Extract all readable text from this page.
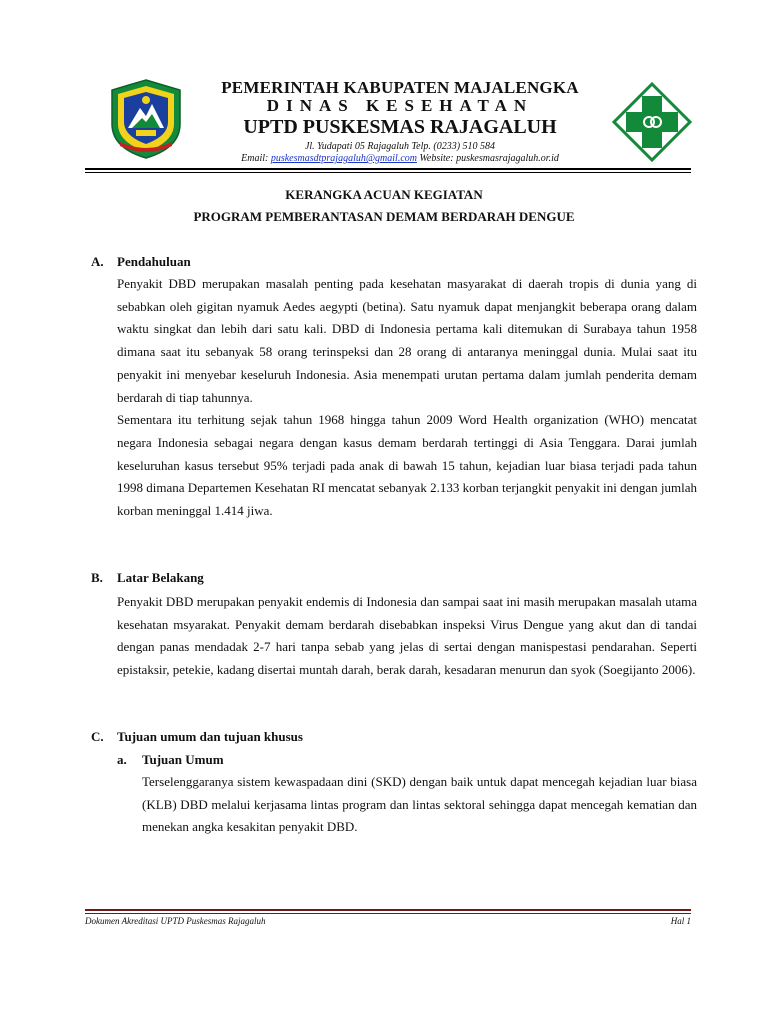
PEMERINTAH KABUPATEN MAJALENGKA
DINAS KESEHATAN
UPTD PUSKESMAS RAJAGALUH
Jl. Yudapati 05 Rajagaluh Telp. (0233) 510 584
Email: puskesmasdtprajagaluh@gmail.com Website: puskesmasrajagaluh.or.id
KERANGKA ACUAN KEGIATAN
PROGRAM PEMBERANTASAN DEMAM BERDARAH DENGUE
A. Pendahuluan

Penyakit DBD merupakan masalah penting pada kesehatan masyarakat di daerah tropis di dunia yang di sebabkan oleh gigitan nyamuk Aedes aegypti (betina). Satu nyamuk dapat menjangkit beberapa orang dalam waktu singkat dan lebih dari satu kali. DBD di Indonesia pertama kali ditemukan di Surabaya tahun 1958 dimana saat itu sebanyak 58 orang terinspeksi dan 28 orang di antaranya meninggal dunia. Mulai saat itu penyakit ini menyebar keseluruh Indonesia. Asia menempati urutan pertama dalam jumlah penderita demam berdarah di tiap tahunnya.

Sementara itu terhitung sejak tahun 1968 hingga tahun 2009 Word Health organization (WHO) mencatat negara Indonesia sebagai negara dengan kasus demam berdarah tertinggi di Asia Tenggara. Darai jumlah keseluruhan kasus tersebut 95% terjadi pada anak di bawah 15 tahun, kejadian luar biasa terjadi pada tahun 1998 dimana Departemen Kesehatan RI mencatat sebanyak 2.133 korban terjangkit penyakit ini dengan jumlah korban meninggal 1.414 jiwa.

B. Latar Belakang

Penyakit DBD merupakan penyakit endemis di Indonesia dan sampai saat ini masih merupakan masalah utama kesehatan msyarakat. Penyakit demam berdarah disebabkan inspeksi Virus Dengue yang akut dan di tandai dengan panas mendadak 2-7 hari tanpa sebab yang jelas di sertai dengan manispestasi pendarahan. Seperti epistaksir, petekie, kadang disertai muntah darah, berak darah, kesadaran menurun dan syok (Soegijanto 2006).

C. Tujuan umum dan tujuan khusus
a. Tujuan Umum

Terselenggaranya sistem kewaspadaan dini (SKD) dengan baik untuk dapat mencegah kejadian luar biasa (KLB) DBD melalui kerjasama lintas program dan lintas sektoral sehingga dapat mencegah kematian dan menekan angka kesakitan penyakit DBD.

Dokumen Akreditasi UPTD Puskesmas Rajagaluh	Hal 1
